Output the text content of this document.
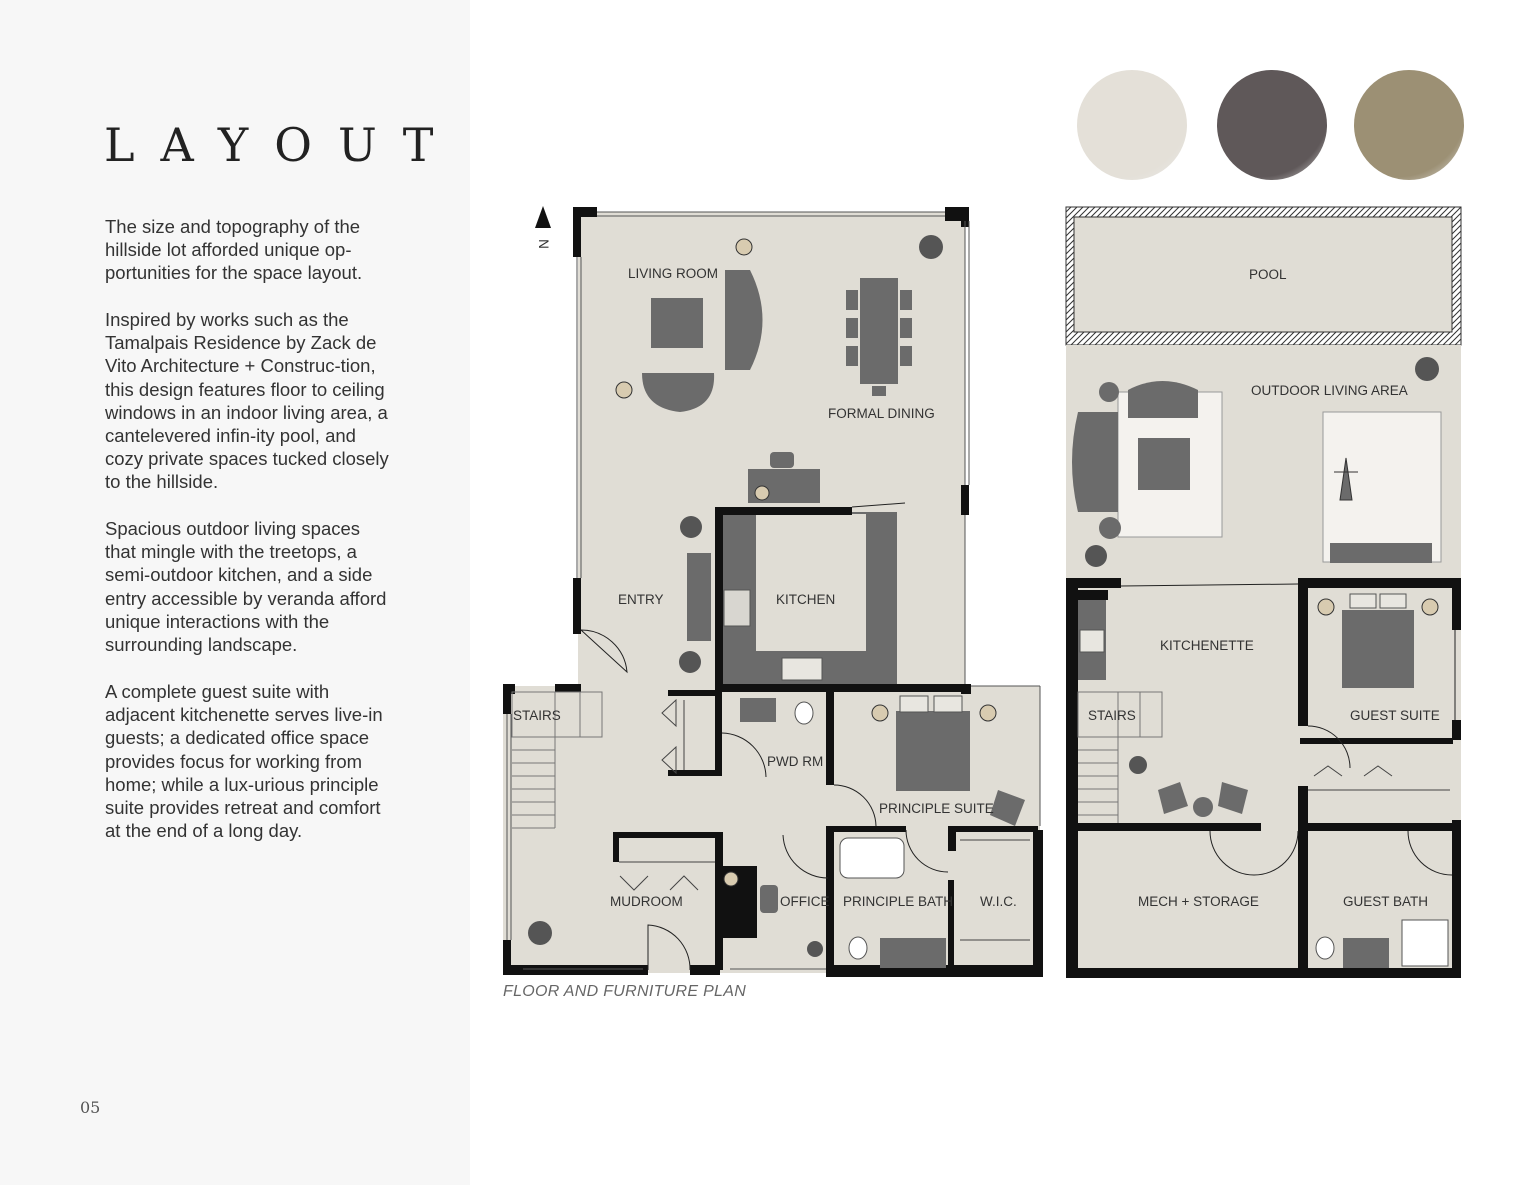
LAYOUT

The size and topography of the hillside lot afforded unique op-portunities for the space layout.

Inspired by works such as the Tamalpais Residence by Zack de Vito Architecture + Construc-tion, this design features floor to ceiling windows in an indoor living area, a cantelevered infin-ity pool, and cozy private spaces tucked closely to the hillside.

Spacious outdoor living spaces that mingle with the treetops, a semi-outdoor kitchen, and a side entry accessible by veranda afford unique interactions with the surrounding landscape.

A complete guest suite with adjacent kitchenette serves live-in guests; a dedicated office space provides focus for working from home; while a lux-urious principle suite provides retreat and comfort at the end of a long day.

05
N
LIVING ROOM
FORMAL DINING
ENTRY	KITCHEN
STAIRS
PWD RM
PRINCIPLE SUITE
MUDROOM	OFFICE PRINCIPLE BATH W.I.C.
POOL
OUTDOOR LIVING AREA
KITCHENETTE
STAIRS	GUEST SUITE
MECH + STORAGE	GUEST BATH
FLOOR AND FURNITURE PLAN
